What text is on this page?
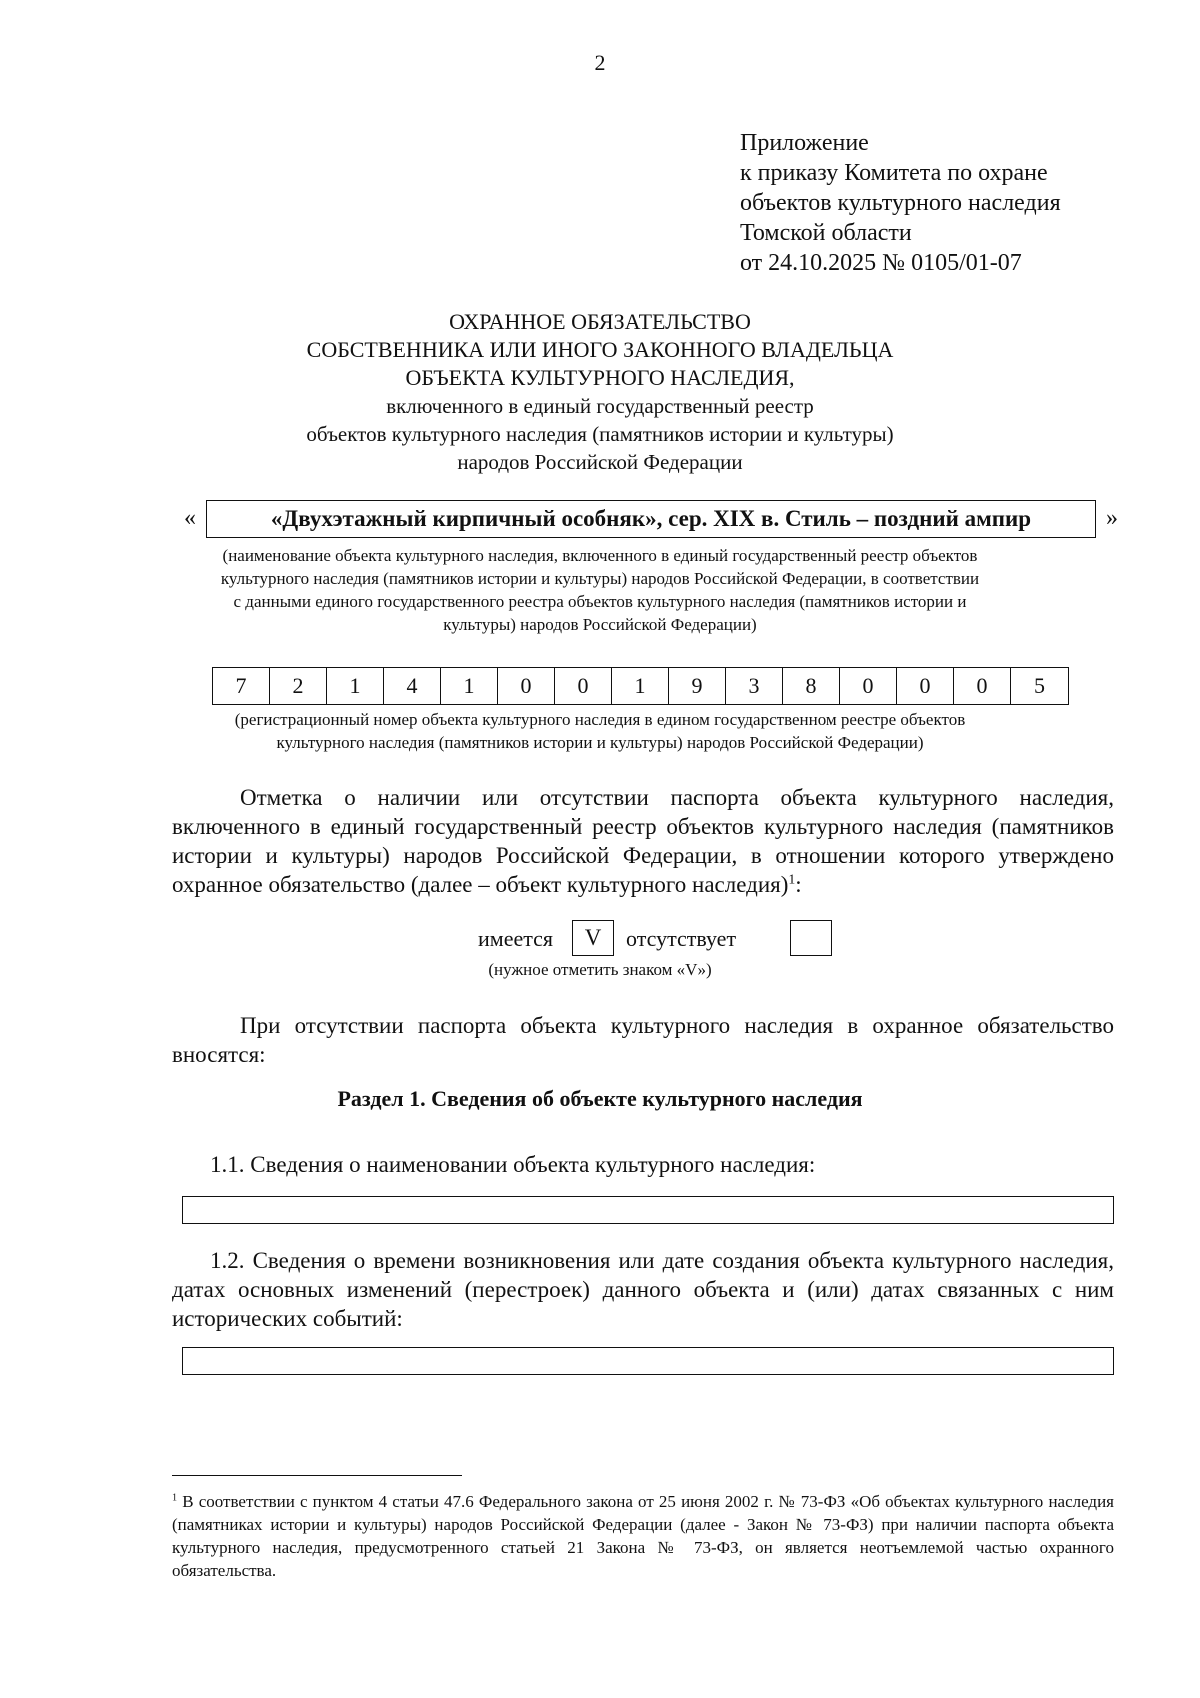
2
Приложение
к приказу Комитета по охране
объектов культурного наследия
Томской области
от 24.10.2025 № 0105/01-07
ОХРАННОЕ ОБЯЗАТЕЛЬСТВО
СОБСТВЕННИКА ИЛИ ИНОГО ЗАКОННОГО ВЛАДЕЛЬЦА
ОБЪЕКТА КУЛЬТУРНОГО НАСЛЕДИЯ,
включенного в единый государственный реестр
объектов культурного наследия (памятников истории и культуры)
народов Российской Федерации
«	«Двухэтажный кирпичный особняк», сер. XIX в. Стиль – поздний ампир	»
(наименование объекта культурного наследия, включенного в единый государственный реестр объектов
культурного наследия (памятников истории и культуры) народов Российской Федерации, в соответствии
с данными единого государственного реестра объектов культурного наследия (памятников истории и
культуры) народов Российской Федерации)
7	2	1	4	1	0	0	1	9	3	8	0	0	0	5
(регистрационный номер объекта культурного наследия в едином государственном реестре объектов
культурного наследия (памятников истории и культуры) народов Российской Федерации)
Отметка о наличии или отсутствии паспорта объекта культурного наследия, включенного в единый государственный реестр объектов культурного наследия (памятников истории и культуры) народов Российской Федерации, в отношении которого утверждено охранное обязательство (далее – объект культурного наследия)$^1$:
имеется	V	отсутствует
(нужное отметить знаком «V»)
При отсутствии паспорта объекта культурного наследия в охранное обязательство вносятся:
Раздел 1. Сведения об объекте культурного наследия
1.1. Сведения о наименовании объекта культурного наследия:
1.2. Сведения о времени возникновения или дате создания объекта культурного наследия, датах основных изменений (перестроек) данного объекта и (или) датах связанных с ним исторических событий:
$^1$ В соответствии с пунктом 4 статьи 47.6 Федерального закона от 25 июня 2002 г. № 73-ФЗ «Об объектах культурного наследия (памятниках истории и культуры) народов Российской Федерации (далее - Закон № 73-ФЗ) при наличии паспорта объекта культурного наследия, предусмотренного статьей 21 Закона № 73-ФЗ, он является неотъемлемой частью охранного обязательства.
